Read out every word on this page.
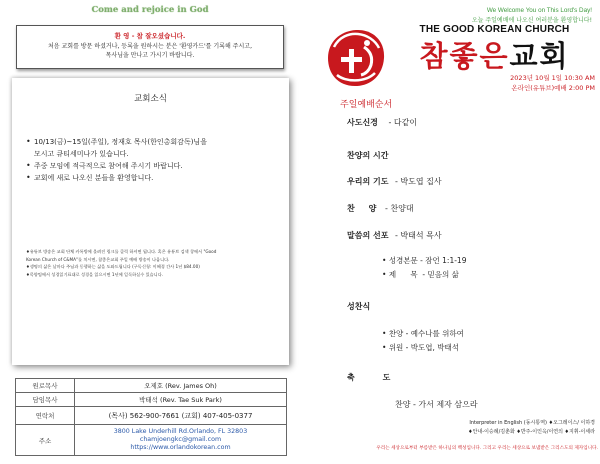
Come and rejoice in God
환 영 - 참 잘오셨습니다.
처음 교회를 방문 하셨거나, 등록을 원하시는 분은 '환영카드'를 기록해 주시고,
목사님을 만나고 가시기 바랍니다.
교회소식
• 10/13(금)~15일(주일), 정재호 목사(한인총회감독)님을
모시고 큐티세미나가 있습니다.
• 주중 모임에 적극적으로 참여해 주시기 바랍니다.
• 교회에 새로 나오신 분들을 환영합니다.
♦유튜브 방송은 교회 단체 카톡방에 올려진 링크를 클릭 하셔면 됩니다. 혹은 유튜브 검색 창에서 "Good
Korean Church of C&MA"를 치시면, 참좋은교회 주일 예배 방송이 나옵니다.
♦생명의 삶은 날마다 주님과 동행하는 삶을 도와드립니다 (구독신청: 이혜경 간사 1년 $84.00)
♦목양팀에서 성경읽기표대로 성경을 읽으시면 1년에 일독하실수 있습니다.
원로목사	오제호 (Rev. James Oh)
담임목사	박태석 (Rev. Tae Suk Park)
연락처	(목사) 562-900-7661 (교회) 407-405-0377
주소	3800 Lake Underhill Rd.Orlando, FL 32803
chamjoengkc@gmail.com
https://www.orlandokorean.com
We Welcome You on This Lord's Day!
오늘 주일예배에 나오신 여러분을 환영합니다!
THE GOOD KOREAN CHURCH
참좋은교회
2023년 10월 1일 10:30 AM
온라인(유튜브)예배 2:00 PM
주일예배순서
사도신경 - 다같이
찬양의 시간
우리의 기도 - 박도엽 집사
찬     양 - 찬양대
말씀의 선포 - 박태석 목사
• 성경본문 - 잠언 1:1-19
• 제      목  - 믿음의 삶
성찬식
• 찬양 - 예수나를 위하여
• 위원 - 박도엽, 박태석
축          도
찬양 - 가서 제자 삼으라
Interpreter in English (동시통역) ♦오그레이스/ 이하경
♦안내-이승례/김춘화 ♦반주-이인옥/이연의 ♦지휘-이세라
우리는 세상으로부터 부름받은 하나님의 백성입니다. 그리고 우리는 세상으로 보냄받은 그리스도의 제자입니다.
